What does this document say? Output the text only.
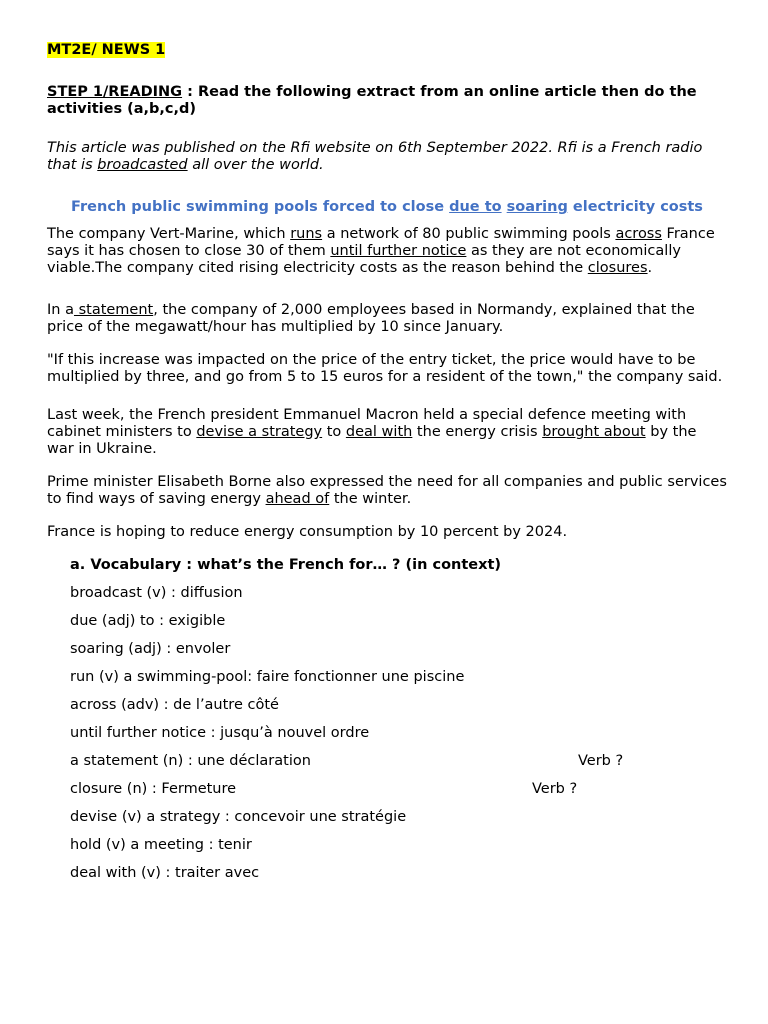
MT2E/ NEWS 1
STEP 1/READING : Read the following extract from an online article then do the activities (a,b,c,d)
This article was published on the Rfi website on 6th September 2022. Rfi is a French radio that is broadcasted all over the world.
French public swimming pools forced to close due to soaring electricity costs
The company Vert-Marine, which runs a network of 80 public swimming pools across France says it has chosen to close 30 of them until further notice as they are not economically viable.The company cited rising electricity costs as the reason behind the closures.
In a statement, the company of 2,000 employees based in Normandy, explained that the price of the megawatt/hour has multiplied by 10 since January.
"If this increase was impacted on the price of the entry ticket, the price would have to be multiplied by three, and go from 5 to 15 euros for a resident of the town," the company said.
Last week, the French president Emmanuel Macron held a special defence meeting with cabinet ministers to devise a strategy to deal with the energy crisis brought about by the war in Ukraine.
Prime minister Elisabeth Borne also expressed the need for all companies and public services to find ways of saving energy ahead of the winter.
France is hoping to reduce energy consumption by 10 percent by 2024.
a. Vocabulary : what’s the French for… ? (in context)
broadcast (v) : diffusion
due (adj) to : exigible
soaring (adj) : envoler
run (v) a swimming-pool: faire fonctionner une piscine
across (adv) : de l’autre côté
until further notice : jusqu’à nouvel ordre
a statement (n) : une déclaration	Verb ?
closure (n) : Fermeture	Verb ?
devise (v) a strategy : concevoir une stratégie
hold (v) a meeting : tenir
deal with (v) : traiter avec
